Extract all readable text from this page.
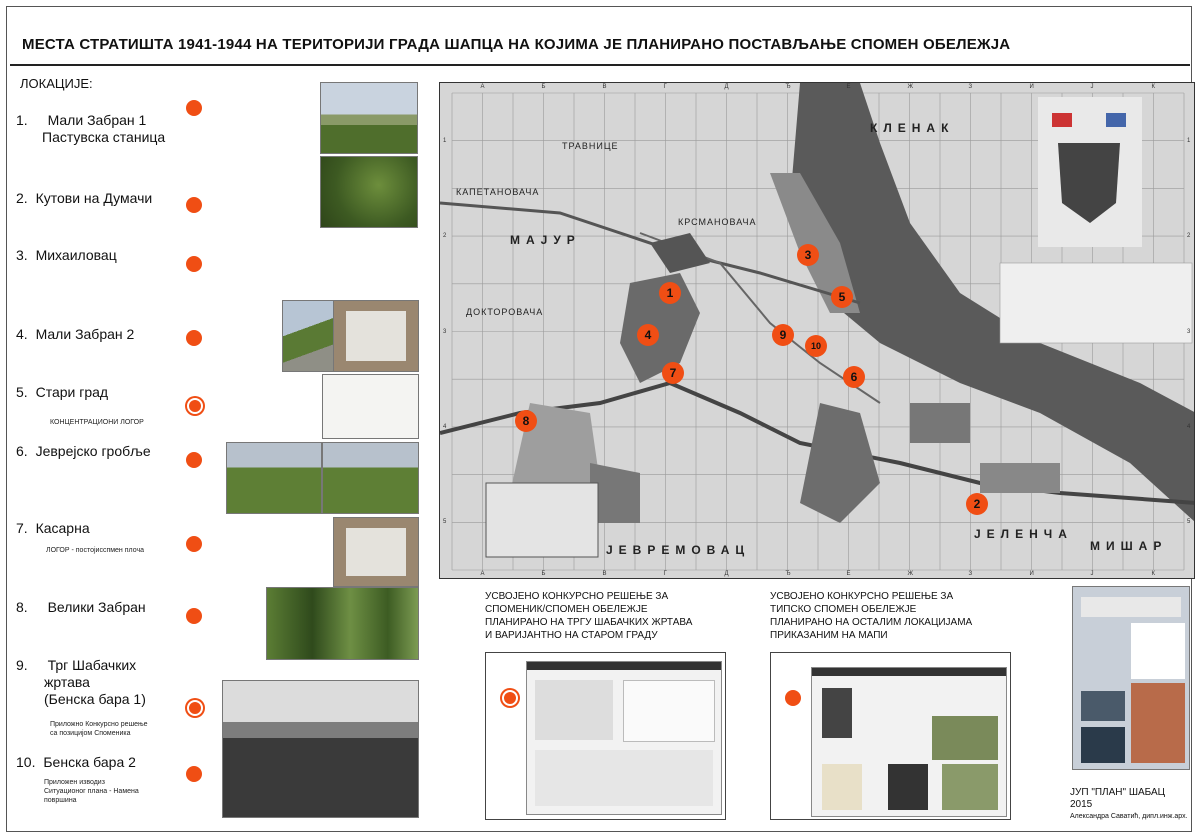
МЕСТА СТРАТИШТА 1941-1944 НА ТЕРИТОРИЈИ ГРАДА ШАПЦА НА КОЈИМА ЈЕ ПЛАНИРАНО ПОСТАВЉАЊЕ СПОМЕН ОБЕЛЕЖЈА
ЛОКАЦИЈЕ:
1. Мали Забран 1
Пастувска станица
2. Кутови на Думачи
3. Михаиловац
4. Мали Забран 2
5. Стари град
КОНЦЕНТРАЦИОНИ ЛОГОР
6. Јеврејско гробље
7. Касарна
ЛОГОР - постојисспмен плоча
8. Велики Забран
9. Трг Шабачких
жртава
(Бенска бара 1)
Приложно Конкурсно решење
са позицијом Споменика
10. Бенска бара 2
Приложен изводиз
Ситуационог плана - Намена
површина
ТРАВНИЦЕ
КАПЕТАНОВАЧА
КРСМАНОВАЧА
МАЈУР
ДОКТОРОВАЧА
КЛЕНАК
ЈЕВРЕМОВАЦ
ЈЕЛЕНЧА
МИШАР
1
2
3
4
5
6
7
8
9
10
А
А
Б
Б
В
В
Г
Г
Д
Д
Ђ
Ђ
Е
Е
Ж
Ж
З
З
И
И
Ј
Ј
К
К
1	1
2	2
3	3
4	4
5	5
УСВОЈЕНО КОНКУРСНО РЕШЕЊЕ ЗА
СПОМЕНИК/СПОМЕН ОБЕЛЕЖЈЕ
ПЛАНИРАНО НА ТРГУ ШАБАЧКИХ ЖРТАВА
И ВАРИЈАНТНО НА СТАРОМ ГРАДУ
УСВОЈЕНО КОНКУРСНО РЕШЕЊЕ ЗА
ТИПСКО СПОМЕН ОБЕЛЕЖЈЕ
ПЛАНИРАНО НА ОСТАЛИМ ЛОКАЦИЈАМА
ПРИКАЗАНИМ НА МАПИ
ЈУП "ПЛАН" ШАБАЦ
2015
Александра Саватић, дипл.инж.арх.
